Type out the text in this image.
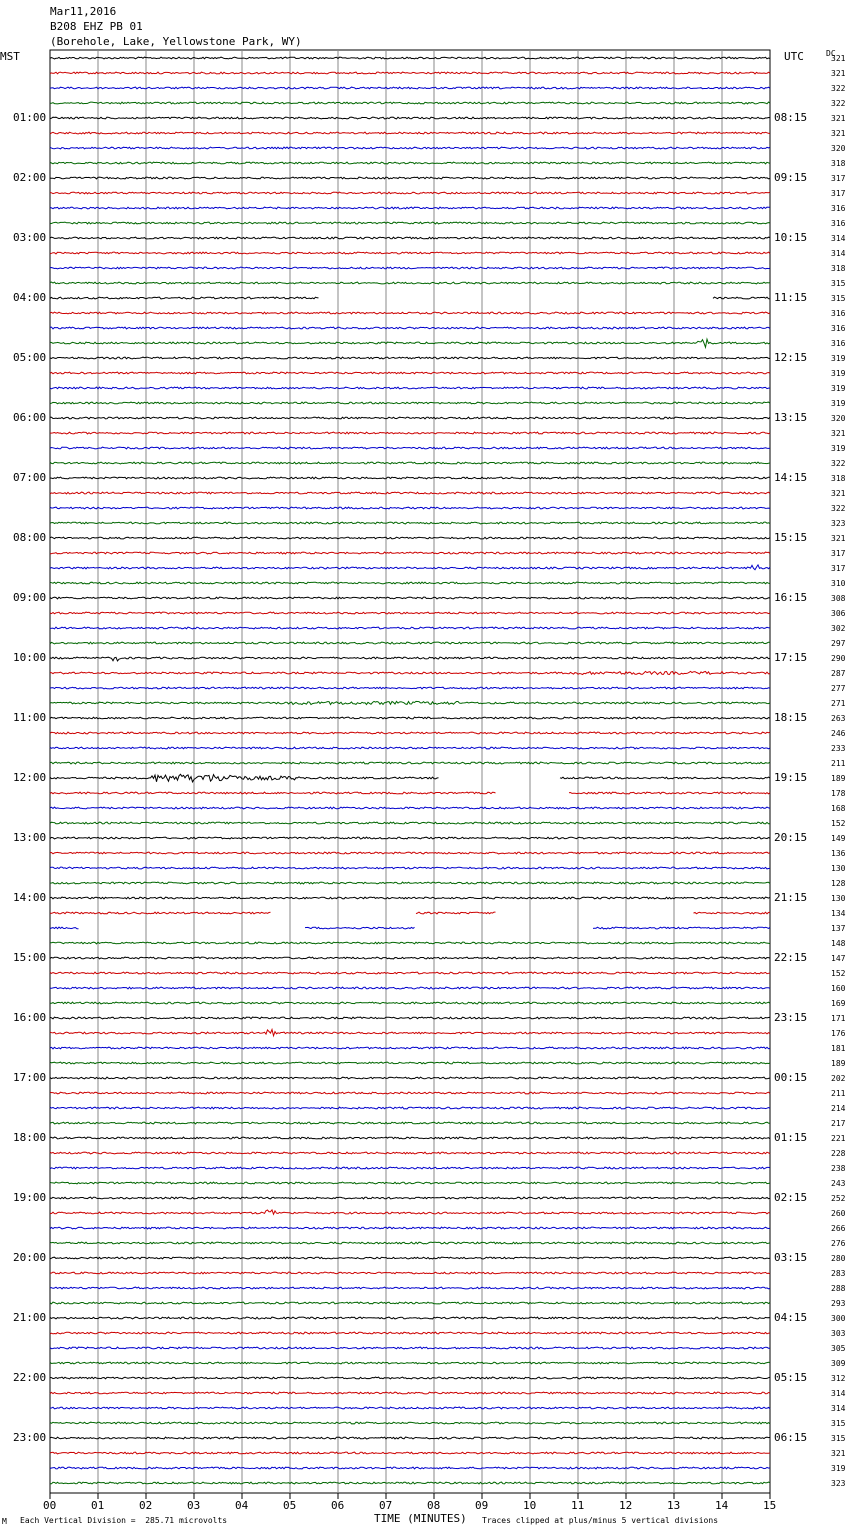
Mar11,2016
B208 EHZ PB 01
(Borehole, Lake, Yellowstone Park, WY)
MST	UTC	DC
321
321
322
322
321
321
320
318
317
317
316
316
314
314
318
315
315
316
316
316
319
319
319
319
320
321
319
322
318
321
322
323
321
317
317
310
308
306
302
297
290
287
277
271
263
246
233
211
189
178
168
152
149
136
130
128
130
134
137
148
147
152
160
169
171
176
181
189
202
211
214
217
221
228
238
243
252
260
266
276
280
283
288
293
300
303
305
309
312
314
314
315
315
321
319
323
01:00	08:15
02:00	09:15
03:00	10:15
04:00	11:15
05:00	12:15
06:00	13:15
07:00	14:15
08:00	15:15
09:00	16:15
10:00	17:15
11:00	18:15
12:00	19:15
13:00	20:15
14:00	21:15
15:00	22:15
16:00	23:15
17:00	00:15
18:00	01:15
19:00	02:15
20:00	03:15
21:00	04:15
22:00	05:15
23:00	06:15
00	01	02	03	04	05	06	07	08	09	10	11	12	13	14	15
M Each Vertical Division =  285.71 microvolts	TIME (MINUTES) Traces clipped at plus/minus 5 vertical divisions
